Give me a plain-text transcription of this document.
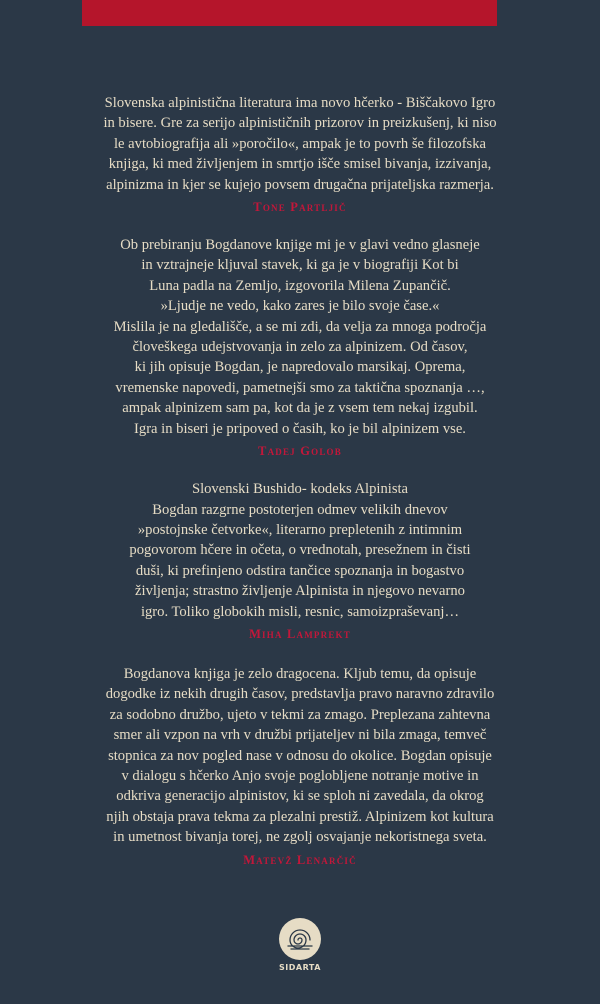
Slovenska alpinistična literatura ima novo hčerko - Biščakovo Igro
in bisere. Gre za serijo alpinističnih prizorov in preizkušenj, ki niso
le avtobiografija ali »poročilo«, ampak je to povrh še filozofska
knjiga, ki med življenjem in smrtjo išče smisel bivanja, izzivanja,
alpinizma in kjer se kujejo povsem drugačna prijateljska razmerja.
Tone Partljič
Ob prebiranju Bogdanove knjige mi je v glavi vedno glasneje
in vztrajneje kljuval stavek, ki ga je v biografiji Kot bi
Luna padla na Zemljo, izgovorila Milena Zupančič.
»Ljudje ne vedo, kako zares je bilo svoje čase.«
Mislila je na gledališče, a se mi zdi, da velja za mnoga področja
človeškega udejstvovanja in zelo za alpinizem. Od časov,
ki jih opisuje Bogdan, je napredovalo marsikaj. Oprema,
vremenske napovedi, pametnejši smo za taktična spoznanja …,
ampak alpinizem sam pa, kot da je z vsem tem nekaj izgubil.
Igra in biseri je pripoved o časih, ko je bil alpinizem vse.
Tadej Golob
Slovenski Bushido- kodeks Alpinista
Bogdan razgrne postoterjen odmev velikih dnevov
»postojnske četvorke«, literarno prepletenih z intimnim
pogovorom hčere in očeta, o vrednotah, presežnem in čisti
duši, ki prefinjeno odstira tančice spoznanja in bogastvo
življenja; strastno življenje Alpinista in njegovo nevarno
igro. Toliko globokih misli, resnic, samoizpraševanj…
Miha Lamprekt
Bogdanova knjiga je zelo dragocena. Kljub temu, da opisuje
dogodke iz nekih drugih časov, predstavlja pravo naravno zdravilo
za sodobno družbo, ujeto v tekmi za zmago. Preplezana zahtevna
smer ali vzpon na vrh v družbi prijateljev ni bila zmaga, temveč
stopnica za nov pogled nase v odnosu do okolice. Bogdan opisuje
v dialogu s hčerko Anjo svoje poglobljene notranje motive in
odkriva generacijo alpinistov, ki se sploh ni zavedala, da okrog
njih obstaja prava tekma za plezalni prestiž. Alpinizem kot kultura
in umetnost bivanja torej, ne zgolj osvajanje nekoristnega sveta.
Matevž Lenarčič
SIDARTA
